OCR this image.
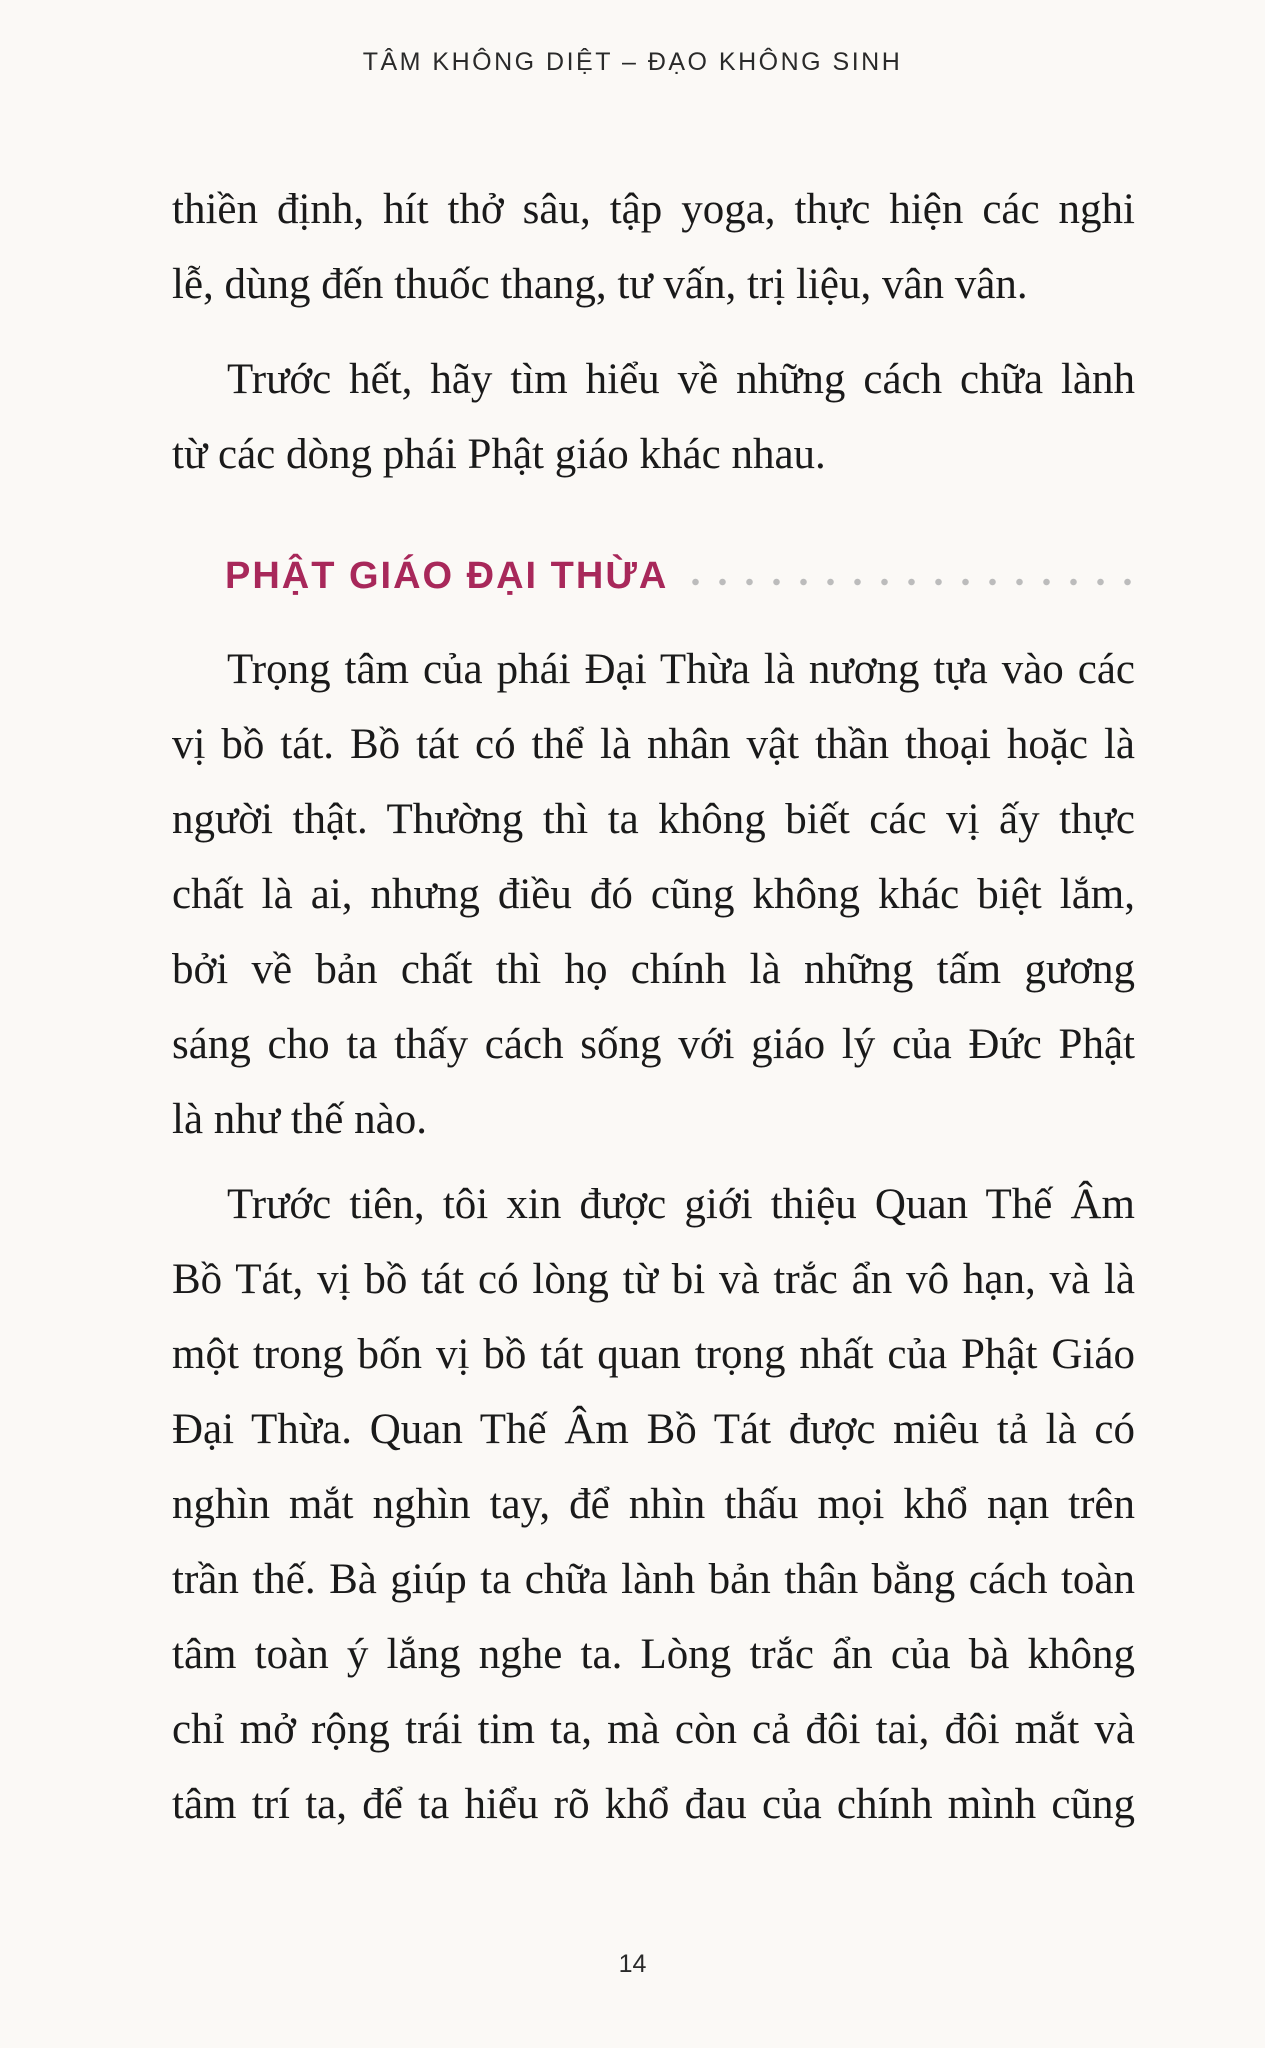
TÂM KHÔNG DIỆT – ĐẠO KHÔNG SINH
thiền định, hít thở sâu, tập yoga, thực hiện các nghi
lễ, dùng đến thuốc thang, tư vấn, trị liệu, vân vân.
Trước hết, hãy tìm hiểu về những cách chữa lành
từ các dòng phái Phật giáo khác nhau.
PHẬT GIÁO ĐẠI THỪA
Trọng tâm của phái Đại Thừa là nương tựa vào các
vị bồ tát. Bồ tát có thể là nhân vật thần thoại hoặc là
người thật. Thường thì ta không biết các vị ấy thực
chất là ai, nhưng điều đó cũng không khác biệt lắm,
bởi về bản chất thì họ chính là những tấm gương
sáng cho ta thấy cách sống với giáo lý của Đức Phật
là như thế nào.
Trước tiên, tôi xin được giới thiệu Quan Thế Âm
Bồ Tát, vị bồ tát có lòng từ bi và trắc ẩn vô hạn, và là
một trong bốn vị bồ tát quan trọng nhất của Phật Giáo
Đại Thừa. Quan Thế Âm Bồ Tát được miêu tả là có
nghìn mắt nghìn tay, để nhìn thấu mọi khổ nạn trên
trần thế. Bà giúp ta chữa lành bản thân bằng cách toàn
tâm toàn ý lắng nghe ta. Lòng trắc ẩn của bà không
chỉ mở rộng trái tim ta, mà còn cả đôi tai, đôi mắt và
tâm trí ta, để ta hiểu rõ khổ đau của chính mình cũng
14
